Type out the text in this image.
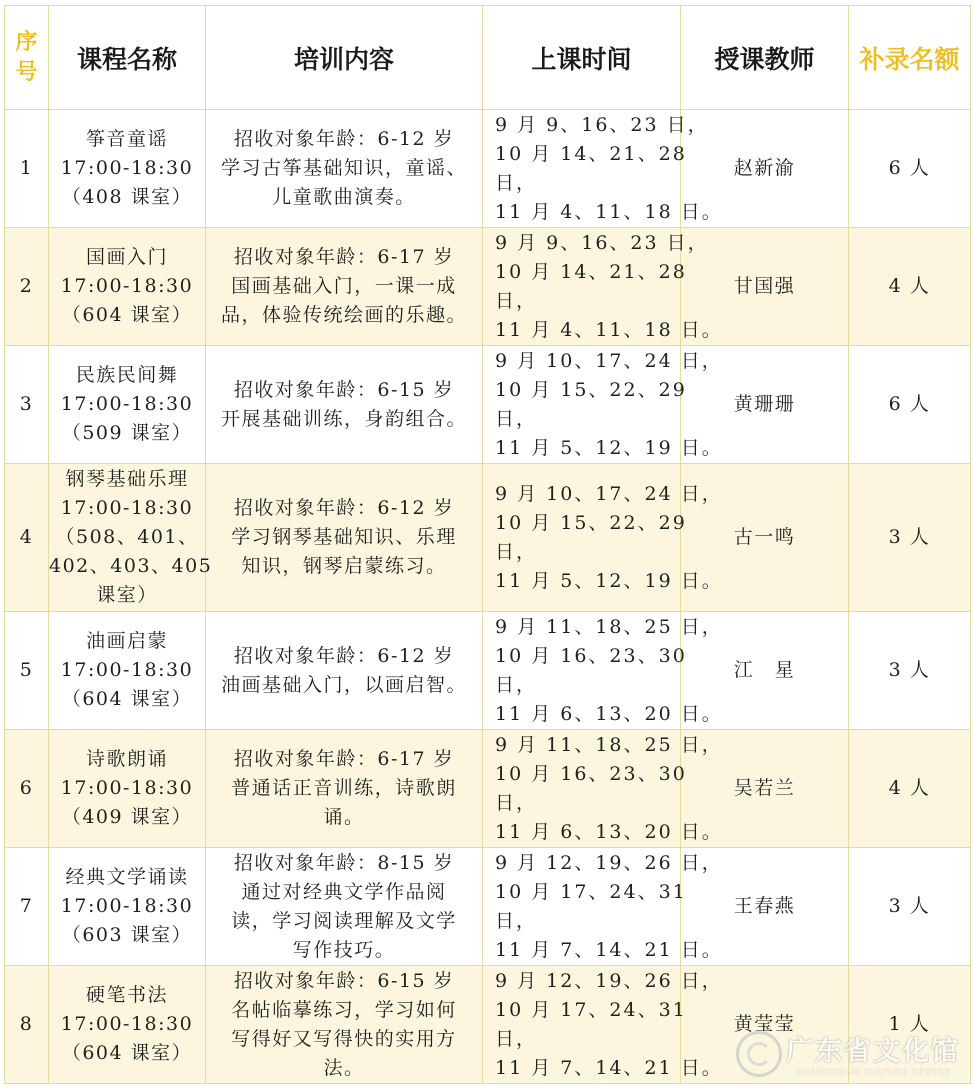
序
号	课程名称	培训内容	上课时间	授课教师	补录名额
1	筝音童谣
17:00-18:30
（408 课室）	招收对象年龄：6-12 岁
学习古筝基础知识，童谣、
儿童歌曲演奏。	9 月 9、16、23 日，
10 月 14、21、28
日，
11 月 4、11、18 日。	赵新渝	6 人
2	国画入门
17:00-18:30
（604 课室）	招收对象年龄：6-17 岁
国画基础入门，一课一成
品，体验传统绘画的乐趣。	9 月 9、16、23 日，
10 月 14、21、28
日，
11 月 4、11、18 日。	甘国强	4 人
3	民族民间舞
17:00-18:30
（509 课室）	招收对象年龄：6-15 岁
开展基础训练，身韵组合。	9 月 10、17、24 日，
10 月 15、22、29
日，
11 月 5、12、19 日。	黄珊珊	6 人
4	钢琴基础乐理
17:00-18:30
（508、401、
402、403、405
课室）	招收对象年龄：6-12 岁
学习钢琴基础知识、乐理
知识，钢琴启蒙练习。	9 月 10、17、24 日，
10 月 15、22、29
日，
11 月 5、12、19 日。	古一鸣	3 人
5	油画启蒙
17:00-18:30
（604 课室）	招收对象年龄：6-12 岁
油画基础入门，以画启智。	9 月 11、18、25 日，
10 月 16、23、30
日，
11 月 6、13、20 日。	江　星	3 人
6	诗歌朗诵
17:00-18:30
（409 课室）	招收对象年龄：6-17 岁
普通话正音训练，诗歌朗
诵。	9 月 11、18、25 日，
10 月 16、23、30
日，
11 月 6、13、20 日。	吴若兰	4 人
7	经典文学诵读
17:00-18:30
（603 课室）	招收对象年龄：8-15 岁
通过对经典文学作品阅
读，学习阅读理解及文学
写作技巧。	9 月 12、19、26 日，
10 月 17、24、31
日，
11 月 7、14、21 日。	王春燕	3 人
8	硬笔书法
17:00-18:30
（604 课室）	招收对象年龄：6-15 岁
名帖临摹练习，学习如何
写得好又写得快的实用方
法。	9 月 12、19、26 日，
10 月 17、24、31
日，
11 月 7、14、21 日。	黄莹莹	1 人
广东省文化馆
GUANGDONG CULTURE CENTRE
